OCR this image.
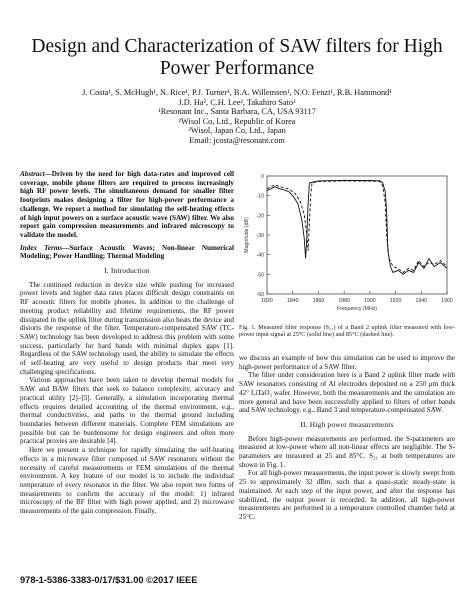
Design and Characterization of SAW filters for High Power Performance
J. Costa¹, S. McHugh¹, N. Rice¹, P.J. Turner¹, B.A. Willemsen¹, N.O. Fenzi¹, R.B. Hammond¹
J.D. Ha², C.H. Lee², Takahiro Sato³
¹Resonant Inc., Santa Barbara, CA, USA 93117
²Wisol Co, Ltd., Republic of Korea
³Wisol, Japan Co, Ltd., Japan
Email: jcosta@resonant.com
Abstract—Driven by the need for high data-rates and improved cell coverage, mobile phone filters are required to process increasingly high RF power levels. The simultaneous demand for smaller filter footprints makes designing a filter for high-power performance a challenge. We report a method for simulating the self-heating effects of high input powers on a surface acoustic wave (SAW) filter. We also report gain compression measurements and infrared microscopy to validate the model.
Index Terms—Surface Acoustic Waves; Non-linear Numerical Modeling; Power Handling; Thermal Modeling
I. Introduction

The continued reduction in device size while pushing for increased power levels and higher data rates places difficult design constraints on RF acoustic filters for mobile phones. In addition to the challenge of meeting product reliability and lifetime requirements, the RF power dissipated in the uplink filter during transmission also heats the device and distorts the response of the filter. Temperature-compensated SAW (TC-SAW) technology has been developed to address this problem with some success, particularly for hard bands with minimal duplex gaps [1]. Regardless of the SAW technology used, the ability to simulate the effects of self-heating are very useful to design products that meet very challenging specifications.

Various approaches have been taken to develop thermal models for SAW and BAW filters that seek to balance complexity, accuracy and practical utility [2]–[5]. Generally, a simulation incorporating thermal effects requires detailed accounting of the thermal environment, e.g., thermal conductivities, and paths to the thermal ground including boundaries between different materials. Complete FEM simulations are possible but can be burdensome for design engineers and often more practical proxies are desirable [4].

Here we present a technique for rapidly simulating the self-heating effects in a microwave filter composed of SAW resonators without the necessity of careful measurements or FEM simulations of the thermal environment. A key feature of our model is to include the individual temperature of every resonator in the filter. We also report two forms of measurements to confirm the accuracy of the model: 1) infrared microscopy of the RF filter with high power applied, and 2) microwave measurements of the gain compression. Finally,

1820	1840	1860	1880	1900	1920	1940	1960
0
-10
-20
-30
-40
-50
-60
Frequency (MHz)
Magnitude (dB)
Fig. 1. Measured filter response (S₂₁) of a Band 2 uplink filter measured with low-power input signal at 25°C (solid line) and 85°C (dashed line).

we discuss an example of how this simulation can be used to improve the high-power performance of a SAW filter.

The filter under consideration here is a Band 2 uplink filter made with SAW resonators consisting of Al electrodes deposited on a 250 μm thick 42° LiTaO₃ wafer. However, both the measurements and the simulation are more general and have been successfully applied to filters of other bands and SAW technology, e.g., Band 3 and temperature-compensated SAW.

II. High power measurements

Before high-power measurements are performed, the S-parameters are measured at low-power where all non-linear effects are negligible. The S-parameters are measured at 25 and 85°C. S₂₁ at both temperatures are shown in Fig. 1.

For all high-power measurements, the input power is slowly swept from 25 to approximately 32 dBm, such that a quasi-static steady-state is maintained. At each step of the input power, and after the response has stabilized, the output power is recorded. In addition, all high-power measurements are performed in a temperature controlled chamber held at 25°C.

978-1-5386-3383-0/17/$31.00 ©2017 IEEE
